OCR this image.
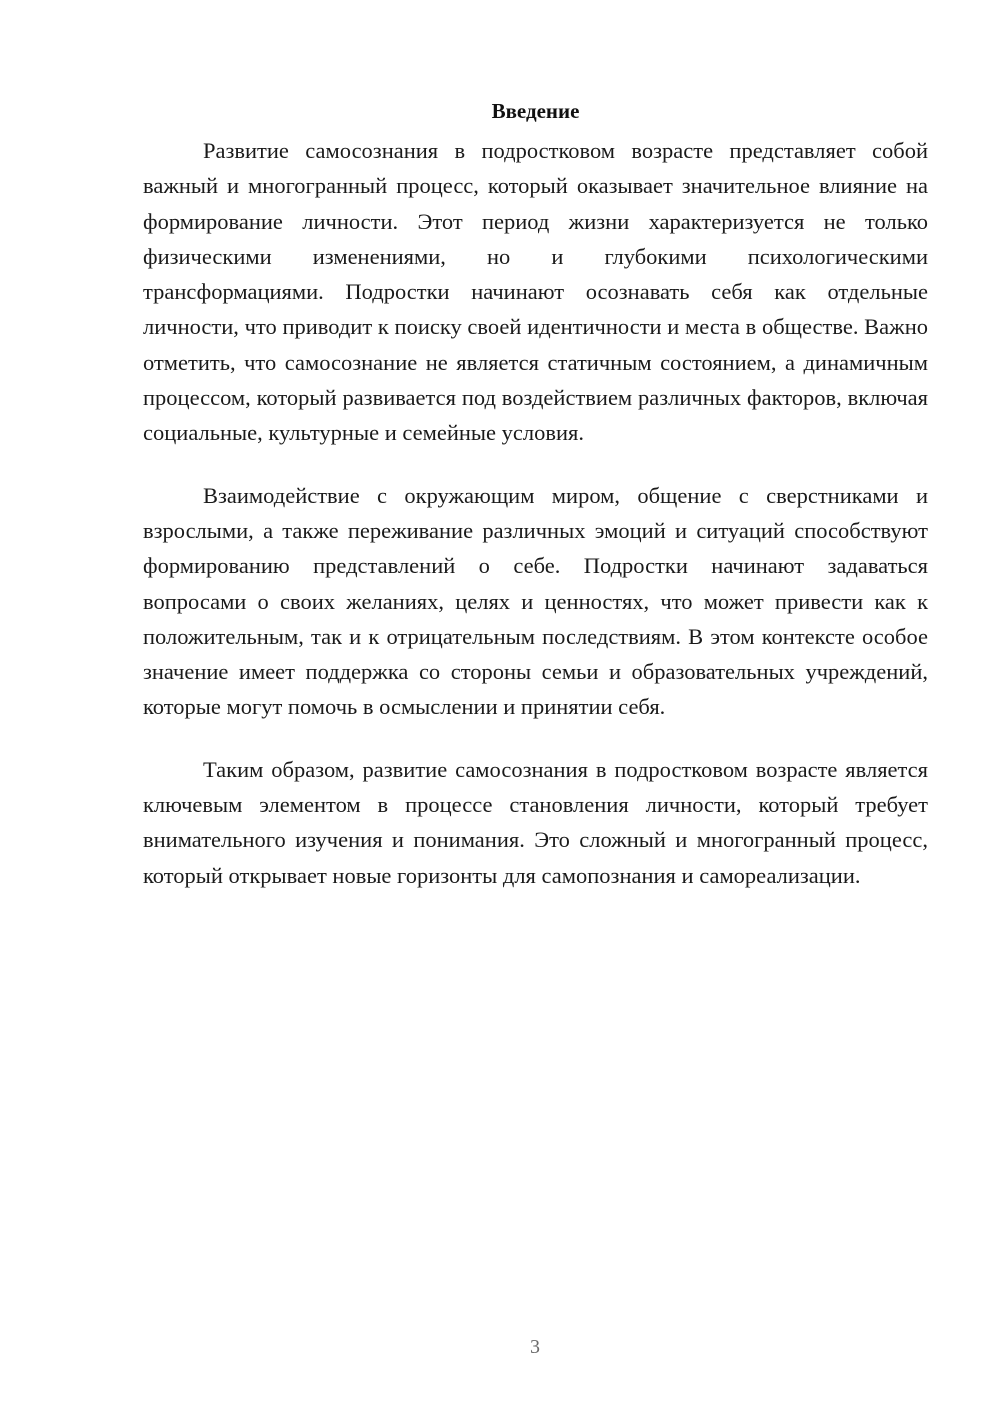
Введение

Развитие самосознания в подростковом возрасте представляет собой важный и многогранный процесс, который оказывает значительное влияние на формирование личности. Этот период жизни характеризуется не только физическими изменениями, но и глубокими психологическими трансформациями. Подростки начинают осознавать себя как отдельные личности, что приводит к поиску своей идентичности и места в обществе. Важно отметить, что самосознание не является статичным состоянием, а динамичным процессом, который развивается под воздействием различных факторов, включая социальные, культурные и семейные условия.

Взаимодействие с окружающим миром, общение с сверстниками и взрослыми, а также переживание различных эмоций и ситуаций способствуют формированию представлений о себе. Подростки начинают задаваться вопросами о своих желаниях, целях и ценностях, что может привести как к положительным, так и к отрицательным последствиям. В этом контексте особое значение имеет поддержка со стороны семьи и образовательных учреждений, которые могут помочь в осмыслении и принятии себя.

Таким образом, развитие самосознания в подростковом возрасте является ключевым элементом в процессе становления личности, который требует внимательного изучения и понимания. Это сложный и многогранный процесс, который открывает новые горизонты для самопознания и самореализации.

3
